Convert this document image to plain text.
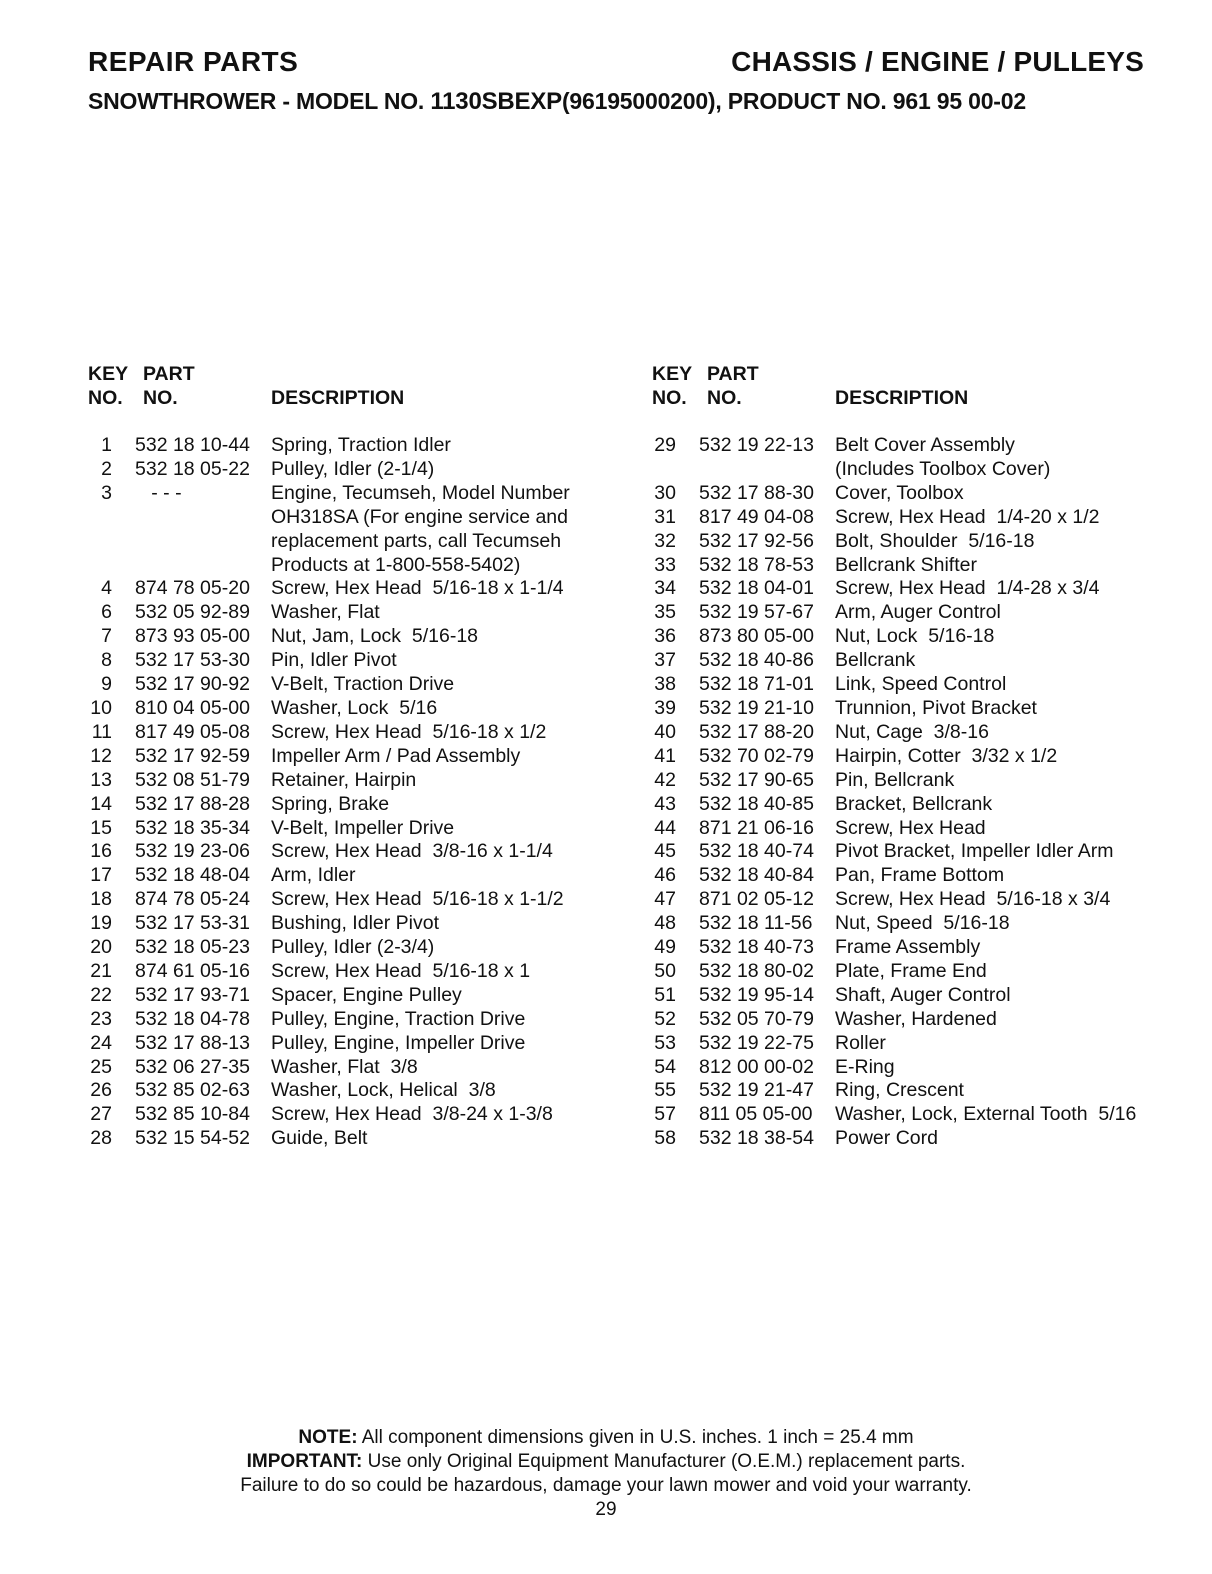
REPAIR PARTS	CHASSIS / ENGINE / PULLEYS
SNOWTHROWER - MODEL NO. 1130SBEXP(96195000200), PRODUCT NO. 961 95 00-02
KEY PART
NO. NO.	DESCRIPTION
1	532 18 10-44 Spring, Traction Idler
2	532 18 05-22 Pulley, Idler (2-1/4)
3	- - -	Engine, Tecumseh, Model Number
OH318SA (For engine service and
replacement parts, call Tecumseh
Products at 1-800-558-5402)
4	874 78 05-20 Screw, Hex Head  5/16-18 x 1-1/4
6	532 05 92-89 Washer, Flat
7	873 93 05-00 Nut, Jam, Lock  5/16-18
8	532 17 53-30 Pin, Idler Pivot
9	532 17 90-92 V-Belt, Traction Drive
10	810 04 05-00 Washer, Lock  5/16
11	817 49 05-08 Screw, Hex Head  5/16-18 x 1/2
12	532 17 92-59 Impeller Arm / Pad Assembly
13	532 08 51-79 Retainer, Hairpin
14	532 17 88-28 Spring, Brake
15	532 18 35-34 V-Belt, Impeller Drive
16	532 19 23-06 Screw, Hex Head  3/8-16 x 1-1/4
17	532 18 48-04 Arm, Idler
18	874 78 05-24 Screw, Hex Head  5/16-18 x 1-1/2
19	532 17 53-31 Bushing, Idler Pivot
20	532 18 05-23 Pulley, Idler (2-3/4)
21	874 61 05-16 Screw, Hex Head  5/16-18 x 1
22	532 17 93-71 Spacer, Engine Pulley
23	532 18 04-78 Pulley, Engine, Traction Drive
24	532 17 88-13 Pulley, Engine, Impeller Drive
25	532 06 27-35 Washer, Flat  3/8
26	532 85 02-63 Washer, Lock, Helical  3/8
27	532 85 10-84 Screw, Hex Head  3/8-24 x 1-3/8
28	532 15 54-52 Guide, Belt
KEY PART
NO. NO.	DESCRIPTION
29	532 19 22-13 Belt Cover Assembly
(Includes Toolbox Cover)
30	532 17 88-30 Cover, Toolbox
31	817 49 04-08 Screw, Hex Head  1/4-20 x 1/2
32	532 17 92-56 Bolt, Shoulder  5/16-18
33	532 18 78-53 Bellcrank Shifter
34	532 18 04-01 Screw, Hex Head  1/4-28 x 3/4
35	532 19 57-67 Arm, Auger Control
36	873 80 05-00 Nut, Lock  5/16-18
37	532 18 40-86 Bellcrank
38	532 18 71-01 Link, Speed Control
39	532 19 21-10 Trunnion, Pivot Bracket
40	532 17 88-20 Nut, Cage  3/8-16
41	532 70 02-79 Hairpin, Cotter  3/32 x 1/2
42	532 17 90-65 Pin, Bellcrank
43	532 18 40-85 Bracket, Bellcrank
44	871 21 06-16 Screw, Hex Head
45	532 18 40-74 Pivot Bracket, Impeller Idler Arm
46	532 18 40-84 Pan, Frame Bottom
47	871 02 05-12 Screw, Hex Head  5/16-18 x 3/4
48	532 18 11-56 Nut, Speed  5/16-18
49	532 18 40-73 Frame Assembly
50	532 18 80-02 Plate, Frame End
51	532 19 95-14 Shaft, Auger Control
52	532 05 70-79 Washer, Hardened
53	532 19 22-75 Roller
54	812 00 00-02 E-Ring
55	532 19 21-47 Ring, Crescent
57	811 05 05-00 Washer, Lock, External Tooth  5/16
58	532 18 38-54 Power Cord
NOTE: All component dimensions given in U.S. inches. 1 inch = 25.4 mm
IMPORTANT: Use only Original Equipment Manufacturer (O.E.M.) replacement parts.
Failure to do so could be hazardous, damage your lawn mower and void your warranty.
29
